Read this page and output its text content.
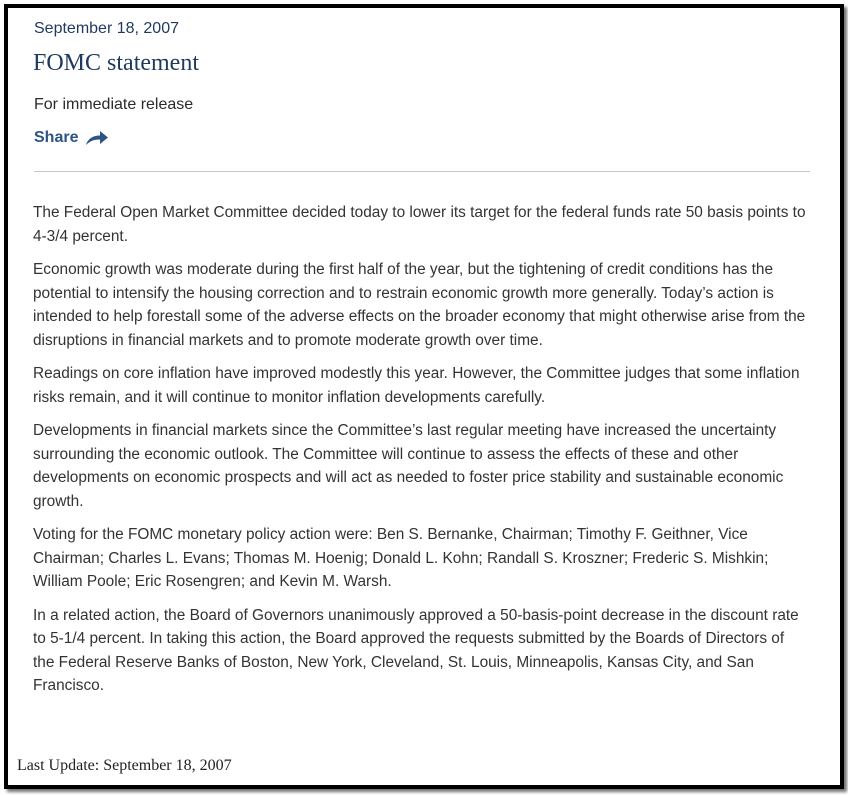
September 18, 2007
FOMC statement
For immediate release
Share

The Federal Open Market Committee decided today to lower its target for the federal funds rate 50 basis points to 4-3/4 percent.

Economic growth was moderate during the first half of the year, but the tightening of credit conditions has the potential to intensify the housing correction and to restrain economic growth more generally. Today’s action is intended to help forestall some of the adverse effects on the broader economy that might otherwise arise from the disruptions in financial markets and to promote moderate growth over time.

Readings on core inflation have improved modestly this year. However, the Committee judges that some inflation risks remain, and it will continue to monitor inflation developments carefully.

Developments in financial markets since the Committee’s last regular meeting have increased the uncertainty surrounding the economic outlook. The Committee will continue to assess the effects of these and other developments on economic prospects and will act as needed to foster price stability and sustainable economic growth.

Voting for the FOMC monetary policy action were: Ben S. Bernanke, Chairman; Timothy F. Geithner, Vice Chairman; Charles L. Evans; Thomas M. Hoenig; Donald L. Kohn; Randall S. Kroszner; Frederic S. Mishkin; William Poole; Eric Rosengren; and Kevin M. Warsh.

In a related action, the Board of Governors unanimously approved a 50-basis-point decrease in the discount rate to 5-1/4 percent. In taking this action, the Board approved the requests submitted by the Boards of Directors of the Federal Reserve Banks of Boston, New York, Cleveland, St. Louis, Minneapolis, Kansas City, and San Francisco.

Last Update: September 18, 2007
